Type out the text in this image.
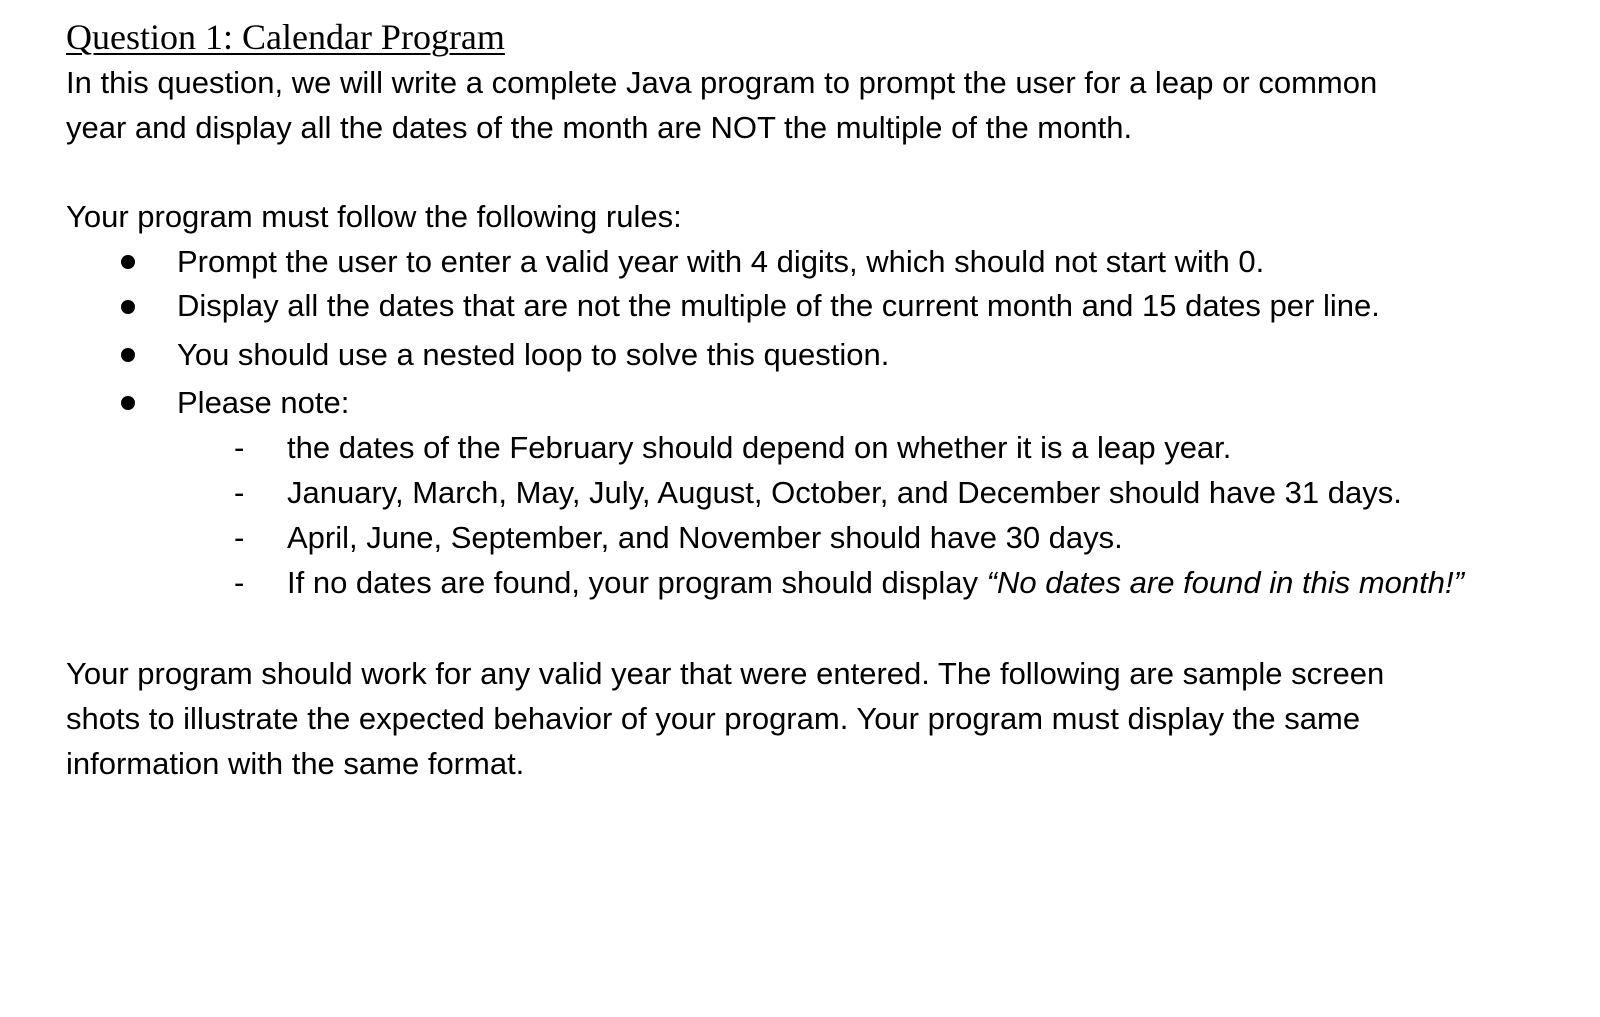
Question 1: Calendar Program

In this question, we will write a complete Java program to prompt the user for a leap or common year and display all the dates of the month are NOT the multiple of the month.

Your program must follow the following rules:

Prompt the user to enter a valid year with 4 digits, which should not start with 0.
Display all the dates that are not the multiple of the current month and 15 dates per line.
You should use a nested loop to solve this question.
Please note:
-	the dates of the February should depend on whether it is a leap year.
-	January, March, May, July, August, October, and December should have 31 days.
-	April, June, September, and November should have 30 days.
-	If no dates are found, your program should display “No dates are found in this month!”

Your program should work for any valid year that were entered. The following are sample screen shots to illustrate the expected behavior of your program. Your program must display the same information with the same format.
